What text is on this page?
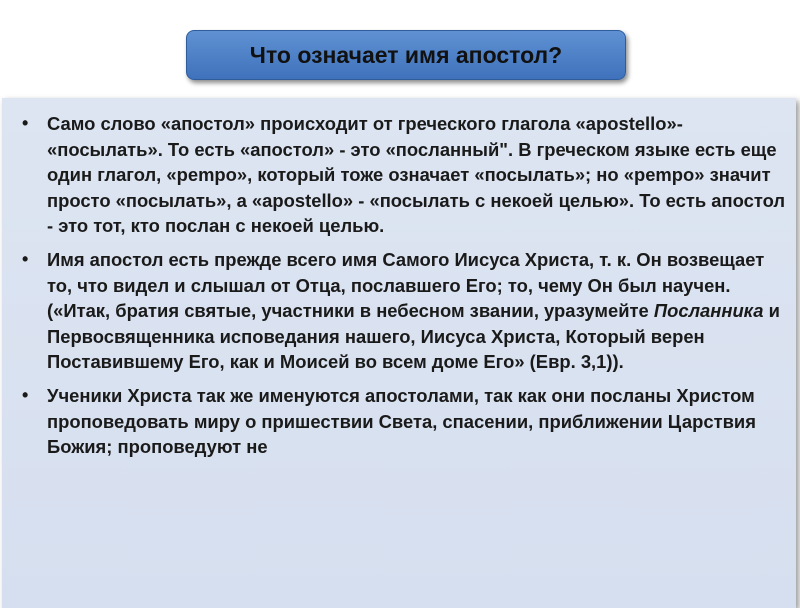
Что означает имя апостол?
• Само слово «апостол» происходит от греческого глагола «apostello»- «посылать». То есть «апостол» - это «посланный". В греческом языке есть еще один глагол, «pempo», который тоже означает «посылать»; но «pempo» значит просто «посылать», а «apostello» - «посылать с некоей целью». То есть апостол - это тот, кто послан с некоей целью.
• Имя апостол есть прежде всего имя Самого Иисуса Христа, т. к. Он возвещает то, что видел и слышал от Отца, пославшего Его; то, чему Он был научен. («Итак, братия святые, участники в небесном звании, уразумейте Посланника и Первосвященника исповедания нашего, Иисуса Христа, Который верен Поставившему Его, как и Моисей во всем доме Его» (Евр. 3,1)).
• Ученики Христа так же именуются апостолами, так как они посланы Христом проповедовать миру о пришествии Света, спасении, приближении Царствия Божия; проповедуют не
